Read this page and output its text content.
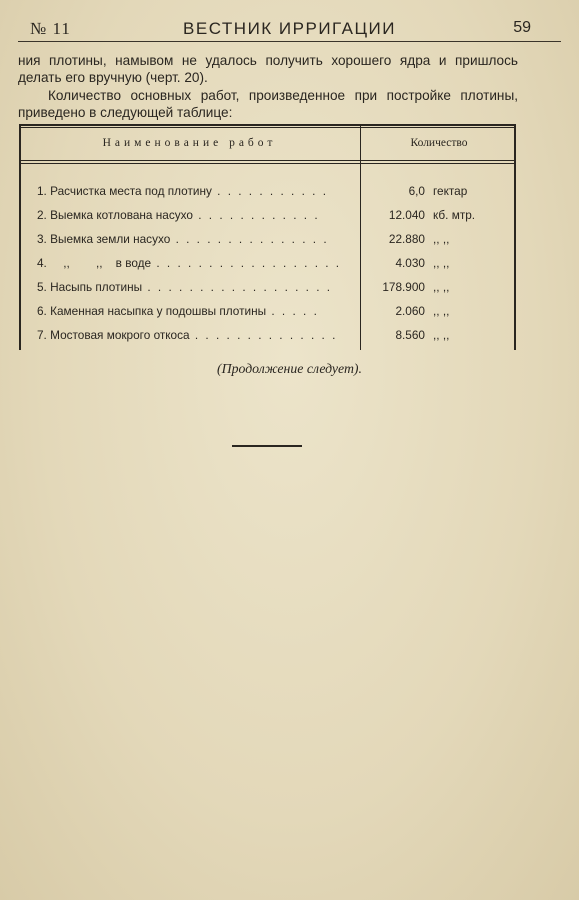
№ 11	ВЕСТНИК ИРРИГАЦИИ	59
ния плотины, намывом не удалось получить хорошего ядра и пришлось делать его вручную (черт. 20).
Количество основных работ, произведенное при постройке плотины, приведено в следующей таблице:
Наименование работ	Количество
1. Расчистка места под плотину . . . . . . . . . . .	6,0 гектар
2. Выемка котлована насухо . . . . . . . . . . . .	12.040 кб. мтр.
3. Выемка земли насухо . . . . . . . . . . . . . . .	22.880 ,, ,,
4.     ,,        ,,    в воде . . . . . . . . . . . . . . . . . .	4.030 ,, ,,
5. Насыпь плотины . . . . . . . . . . . . . . . . . .	178.900 ,, ,,
6. Каменная насыпка у подошвы плотины . . . . .	2.060 ,, ,,
7. Мостовая мокрого откоса . . . . . . . . . . . . . .	8.560 ,, ,,
(Продолжение следует).
